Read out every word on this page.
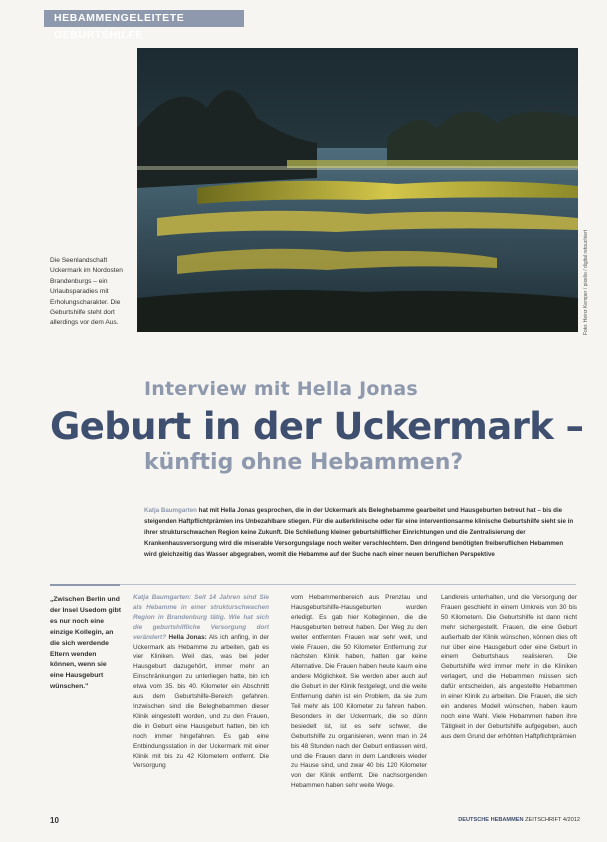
HEBAMMENGELEITETE GEBURTSHILFE
Foto: Heinz Kemper / pixelio / digital retouchiert
Die Seenlandschaft Uckermark im Nordosten Brandenburgs – ein Urlaubsparadies mit Erholungscharakter. Die Geburtshilfe steht dort allerdings vor dem Aus.
Interview mit Hella Jonas
Geburt in der Uckermark –
künftig ohne Hebammen?
Katja Baumgarten hat mit Hella Jonas gesprochen, die in der Uckermark als Beleghebamme gearbeitet und Hausgeburten betreut hat – bis die steigenden Haftpflichtprämien ins Unbezahlbare stiegen. Für die außerklinische oder für eine interventionsarme klinische Geburtshilfe sieht sie in ihrer strukturschwachen Region keine Zukunft. Die Schließung kleiner geburtshilflicher Einrichtungen und die Zentralisierung der Krankenhausversorgung wird die miserable Versorgungslage noch weiter verschlechtern. Den dringend benötigten freiberuflichen Hebammen wird gleichzeitig das Wasser abgegraben, womit die Hebamme auf der Suche nach einer neuen beruflichen Perspektive
„Zwischen Berlin und der Insel Usedom gibt es nur noch eine einzige Kollegin, an die sich werdende Eltern wenden können, wenn sie eine Hausgeburt wünschen."
Katja Baumgarten: Seit 14 Jahren sind Sie als Hebamme in einer strukturschwachen Region in Brandenburg tätig. Wie hat sich die geburtshilfliche Versorgung dort verändert? Hella Jonas: Als ich anfing, in der Uckermark als Hebamme zu arbeiten, gab es vier Kliniken. Weil das, was bei jeder Hausgeburt dazugehört, immer mehr an Einschränkungen zu unterliegen hatte, bin ich etwa vom 35. bis 40. Kilometer ein Abschnitt aus dem Geburtshilfe-Bereich gefahren. Inzwischen sind die Beleghebammen dieser Klinik eingestellt worden, und zu den Frauen, die in Geburt eine Hausgeburt hatten, bin ich noch immer hingefahren. Es gab eine Entbindungsstation in der Uckermark mit einer Klinik mit bis zu 42 Kilometern entfernt. Die Versorgung
vom Hebammenbereich aus Prenzlau und Hausgeburtshilfe-Hausgeburten wurden erledigt. Es gab hier Kolleginnen, die die Hausgeburten betreut haben. Der Weg zu den weiter entfernten Frauen war sehr weit, und viele Frauen, die 50 Kilometer Entfernung zur nächsten Klinik haben, hatten gar keine Alternative. Die Frauen haben heute kaum eine andere Möglichkeit. Sie werden aber auch auf die Geburt in der Klinik festgelegt, und die weite Entfernung dahin ist ein Problem, da sie zum Teil mehr als 100 Kilometer zu fahren haben. Besonders in der Uckermark, die so dünn besiedelt ist, ist es sehr schwer, die Geburtshilfe zu organisieren, wenn man in 24 bis 48 Stunden nach der Geburt entlassen wird, und die Frauen dann in dem Landkreis wieder zu Hause sind, und zwar 40 bis 120 Kilometer von der Klinik entfernt. Die nachsorgenden Hebammen haben sehr weite Wege.
Landkreis unterhalten, und die Versorgung der Frauen geschieht in einem Umkreis von 30 bis 50 Kilometern. Die Geburtshilfe ist dann nicht mehr sichergestellt. Frauen, die eine Geburt außerhalb der Klinik wünschen, können dies oft nur über eine Hausgeburt oder eine Geburt in einem Geburtshaus realisieren. Die Geburtshilfe wird immer mehr in die Kliniken verlagert, und die Hebammen müssen sich dafür entscheiden, als angestellte Hebammen in einer Klinik zu arbeiten. Die Frauen, die sich ein anderes Modell wünschen, haben kaum noch eine Wahl. Viele Hebammen haben ihre Tätigkeit in der Geburtshilfe aufgegeben, auch aus dem Grund der erhöhten Haftpflichtprämien
10	DEUTSCHE HEBAMMEN ZEITSCHRIFT 4/2012
